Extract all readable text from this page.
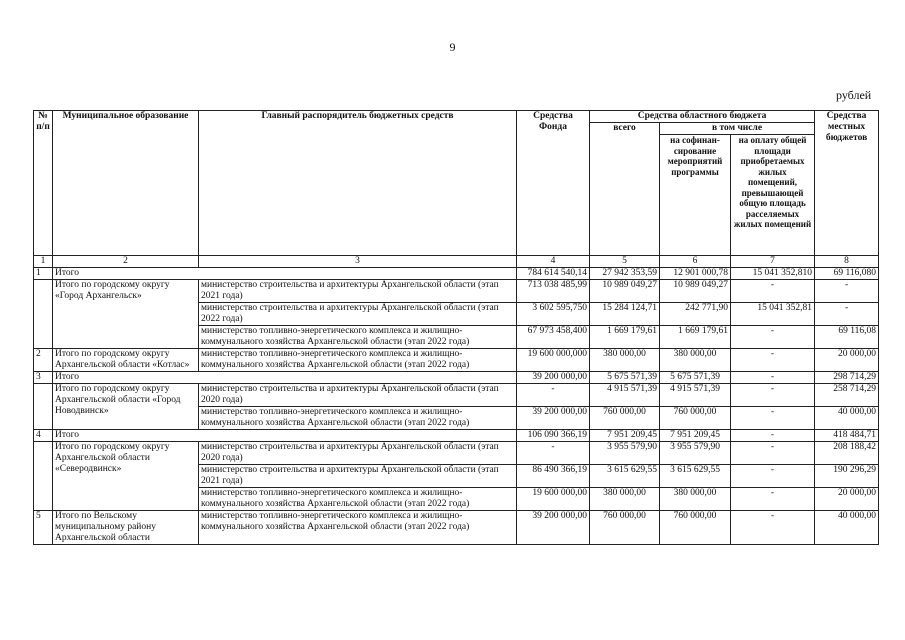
9
рублей
№ п/п	Муниципальное образование	Главный распорядитель бюджетных средств	Средства Фонда	Средства областного бюджета			Средства местных бюджетов
				всего	в том числе		
					на софинан-сирование мероприятий программы	на оплату общей площади приобретаемых жилых помещений, превышающей общую площадь расселяемых жилых помещений	
1	2	3	4	5	6	7	8
1	Итого		784 614 540,14	27 942 353,59	12 901 000,78	15 041 352,810	69 116,080
	Итого по городскому округу «Город Архангельск»	министерство строительства и архитектуры Архангельской области (этап 2021 года)	713 038 485,99	10 989 049,27	10 989 049,27	-	-
		министерство строительства и архитектуры Архангельской области (этап 2022 года)	3 602 595,750	15 284 124,71	242 771,90	15 041 352,81	-
		министерство топливно-энергетического комплекса и жилищно-коммунального хозяйства Архангельской области (этап 2022 года)	67 973 458,400	1 669 179,61	1 669 179,61	-	69 116,08
2	Итого по городскому округу Архангельской области «Котлас»	министерство топливно-энергетического комплекса и жилищно-коммунального хозяйства Архангельской области (этап 2022 года)	19 600 000,000	380 000,00	380 000,00	-	20 000,00
3	Итого		39 200 000,00	5 675 571,39	5 675 571,39	-	298 714,29
	Итого по городскому округу Архангельской области «Город Новодвинск»	министерство строительства и архитектуры Архангельской области (этап 2020 года)	-	4 915 571,39	4 915 571,39	-	258 714,29
		министерство топливно-энергетического комплекса и жилищно-коммунального хозяйства Архангельской области (этап 2022 года)	39 200 000,00	760 000,00	760 000,00	-	40 000,00
4	Итого		106 090 366,19	7 951 209,45	7 951 209,45	-	418 484,71
	Итого по городскому округу Архангельской области «Северодвинск»	министерство строительства и архитектуры Архангельской области (этап 2020 года)	-	3 955 579,90	3 955 579,90	-	208 188,42
		министерство строительства и архитектуры Архангельской области (этап 2021 года)	86 490 366,19	3 615 629,55	3 615 629,55	-	190 296,29
		министерство топливно-энергетического комплекса и жилищно-коммунального хозяйства Архангельской области (этап 2022 года)	19 600 000,00	380 000,00	380 000,00	-	20 000,00
5	Итого по Вельскому муниципальному району Архангельской области	министерство топливно-энергетического комплекса и жилищно-коммунального хозяйства Архангельской области (этап 2022 года)	39 200 000,00	760 000,00	760 000,00	-	40 000,00
